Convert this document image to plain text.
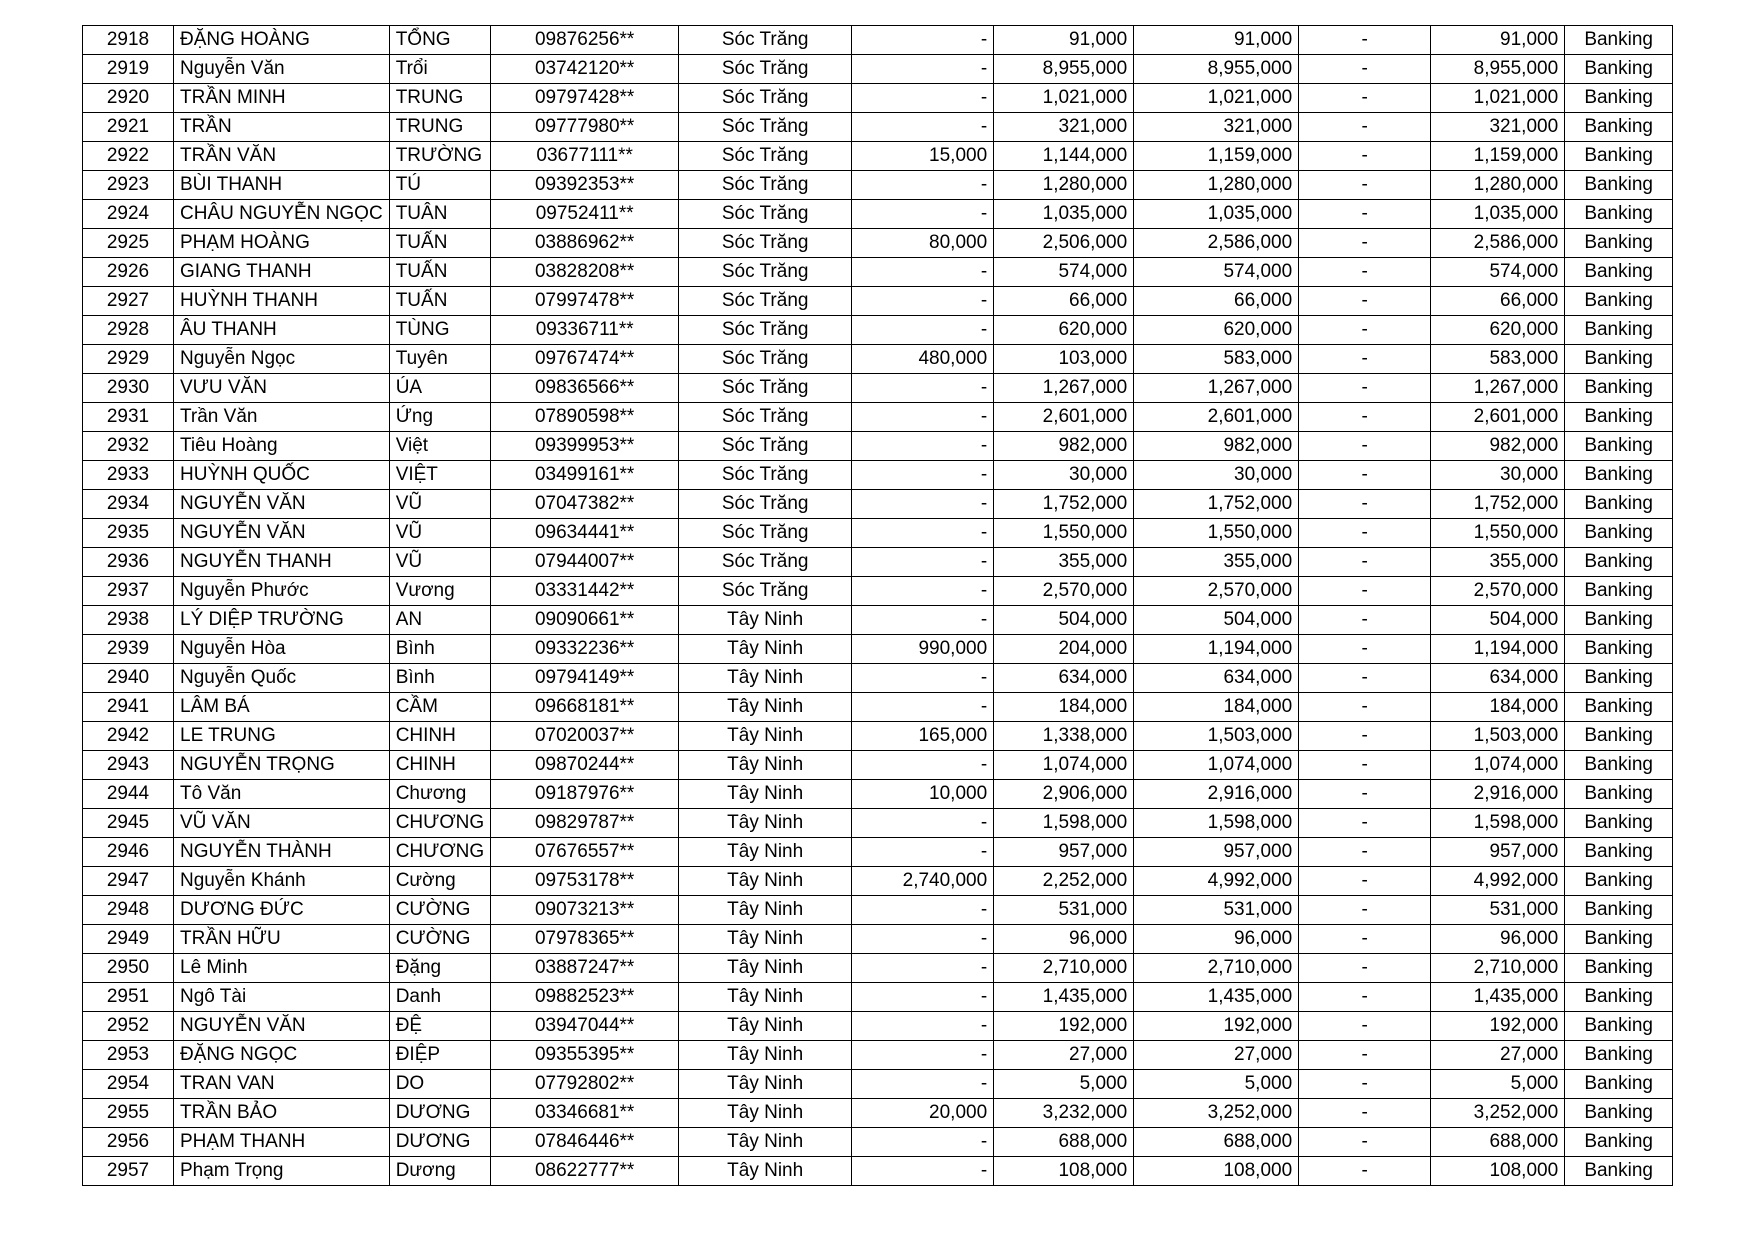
2918	ĐẶNG HOÀNG	TỔNG	09876256**	Sóc Trăng	-	91,000	91,000	-	91,000	Banking
2919	Nguyễn Văn	Trổi	03742120**	Sóc Trăng	-	8,955,000	8,955,000	-	8,955,000	Banking
2920	TRẦN MINH	TRUNG	09797428**	Sóc Trăng	-	1,021,000	1,021,000	-	1,021,000	Banking
2921	TRẦN	TRUNG	09777980**	Sóc Trăng	-	321,000	321,000	-	321,000	Banking
2922	TRẦN VĂN	TRƯỜNG	03677111**	Sóc Trăng	15,000	1,144,000	1,159,000	-	1,159,000	Banking
2923	BÙI THANH	TÚ	09392353**	Sóc Trăng	-	1,280,000	1,280,000	-	1,280,000	Banking
2924	CHÂU NGUYỄN NGỌC	TUÂN	09752411**	Sóc Trăng	-	1,035,000	1,035,000	-	1,035,000	Banking
2925	PHẠM HOÀNG	TUẤN	03886962**	Sóc Trăng	80,000	2,506,000	2,586,000	-	2,586,000	Banking
2926	GIANG THANH	TUẤN	03828208**	Sóc Trăng	-	574,000	574,000	-	574,000	Banking
2927	HUỲNH THANH	TUẤN	07997478**	Sóc Trăng	-	66,000	66,000	-	66,000	Banking
2928	ÂU THANH	TÙNG	09336711**	Sóc Trăng	-	620,000	620,000	-	620,000	Banking
2929	Nguyễn Ngọc	Tuyên	09767474**	Sóc Trăng	480,000	103,000	583,000	-	583,000	Banking
2930	VƯU VĂN	ÚA	09836566**	Sóc Trăng	-	1,267,000	1,267,000	-	1,267,000	Banking
2931	Trần Văn	Ứng	07890598**	Sóc Trăng	-	2,601,000	2,601,000	-	2,601,000	Banking
2932	Tiêu Hoàng	Việt	09399953**	Sóc Trăng	-	982,000	982,000	-	982,000	Banking
2933	HUỲNH QUỐC	VIỆT	03499161**	Sóc Trăng	-	30,000	30,000	-	30,000	Banking
2934	NGUYỄN VĂN	VŨ	07047382**	Sóc Trăng	-	1,752,000	1,752,000	-	1,752,000	Banking
2935	NGUYỄN VĂN	VŨ	09634441**	Sóc Trăng	-	1,550,000	1,550,000	-	1,550,000	Banking
2936	NGUYỄN THANH	VŨ	07944007**	Sóc Trăng	-	355,000	355,000	-	355,000	Banking
2937	Nguyễn Phước	Vương	03331442**	Sóc Trăng	-	2,570,000	2,570,000	-	2,570,000	Banking
2938	LÝ DIỆP TRƯỜNG	AN	09090661**	Tây Ninh	-	504,000	504,000	-	504,000	Banking
2939	Nguyễn Hòa	Bình	09332236**	Tây Ninh	990,000	204,000	1,194,000	-	1,194,000	Banking
2940	Nguyễn Quốc	Bình	09794149**	Tây Ninh	-	634,000	634,000	-	634,000	Banking
2941	LÂM BÁ	CẦM	09668181**	Tây Ninh	-	184,000	184,000	-	184,000	Banking
2942	LE TRUNG	CHINH	07020037**	Tây Ninh	165,000	1,338,000	1,503,000	-	1,503,000	Banking
2943	NGUYỄN TRỌNG	CHINH	09870244**	Tây Ninh	-	1,074,000	1,074,000	-	1,074,000	Banking
2944	Tô Văn	Chương	09187976**	Tây Ninh	10,000	2,906,000	2,916,000	-	2,916,000	Banking
2945	VŨ VĂN	CHƯƠNG	09829787**	Tây Ninh	-	1,598,000	1,598,000	-	1,598,000	Banking
2946	NGUYỄN THÀNH	CHƯƠNG	07676557**	Tây Ninh	-	957,000	957,000	-	957,000	Banking
2947	Nguyễn Khánh	Cường	09753178**	Tây Ninh	2,740,000	2,252,000	4,992,000	-	4,992,000	Banking
2948	DƯƠNG ĐỨC	CƯỜNG	09073213**	Tây Ninh	-	531,000	531,000	-	531,000	Banking
2949	TRẦN HỮU	CƯỜNG	07978365**	Tây Ninh	-	96,000	96,000	-	96,000	Banking
2950	Lê Minh	Đặng	03887247**	Tây Ninh	-	2,710,000	2,710,000	-	2,710,000	Banking
2951	Ngô Tài	Danh	09882523**	Tây Ninh	-	1,435,000	1,435,000	-	1,435,000	Banking
2952	NGUYỄN VĂN	ĐỆ	03947044**	Tây Ninh	-	192,000	192,000	-	192,000	Banking
2953	ĐẶNG NGỌC	ĐIỆP	09355395**	Tây Ninh	-	27,000	27,000	-	27,000	Banking
2954	TRAN VAN	DO	07792802**	Tây Ninh	-	5,000	5,000	-	5,000	Banking
2955	TRẦN BẢO	DƯƠNG	03346681**	Tây Ninh	20,000	3,232,000	3,252,000	-	3,252,000	Banking
2956	PHẠM THANH	DƯƠNG	07846446**	Tây Ninh	-	688,000	688,000	-	688,000	Banking
2957	Phạm Trọng	Dương	08622777**	Tây Ninh	-	108,000	108,000	-	108,000	Banking
